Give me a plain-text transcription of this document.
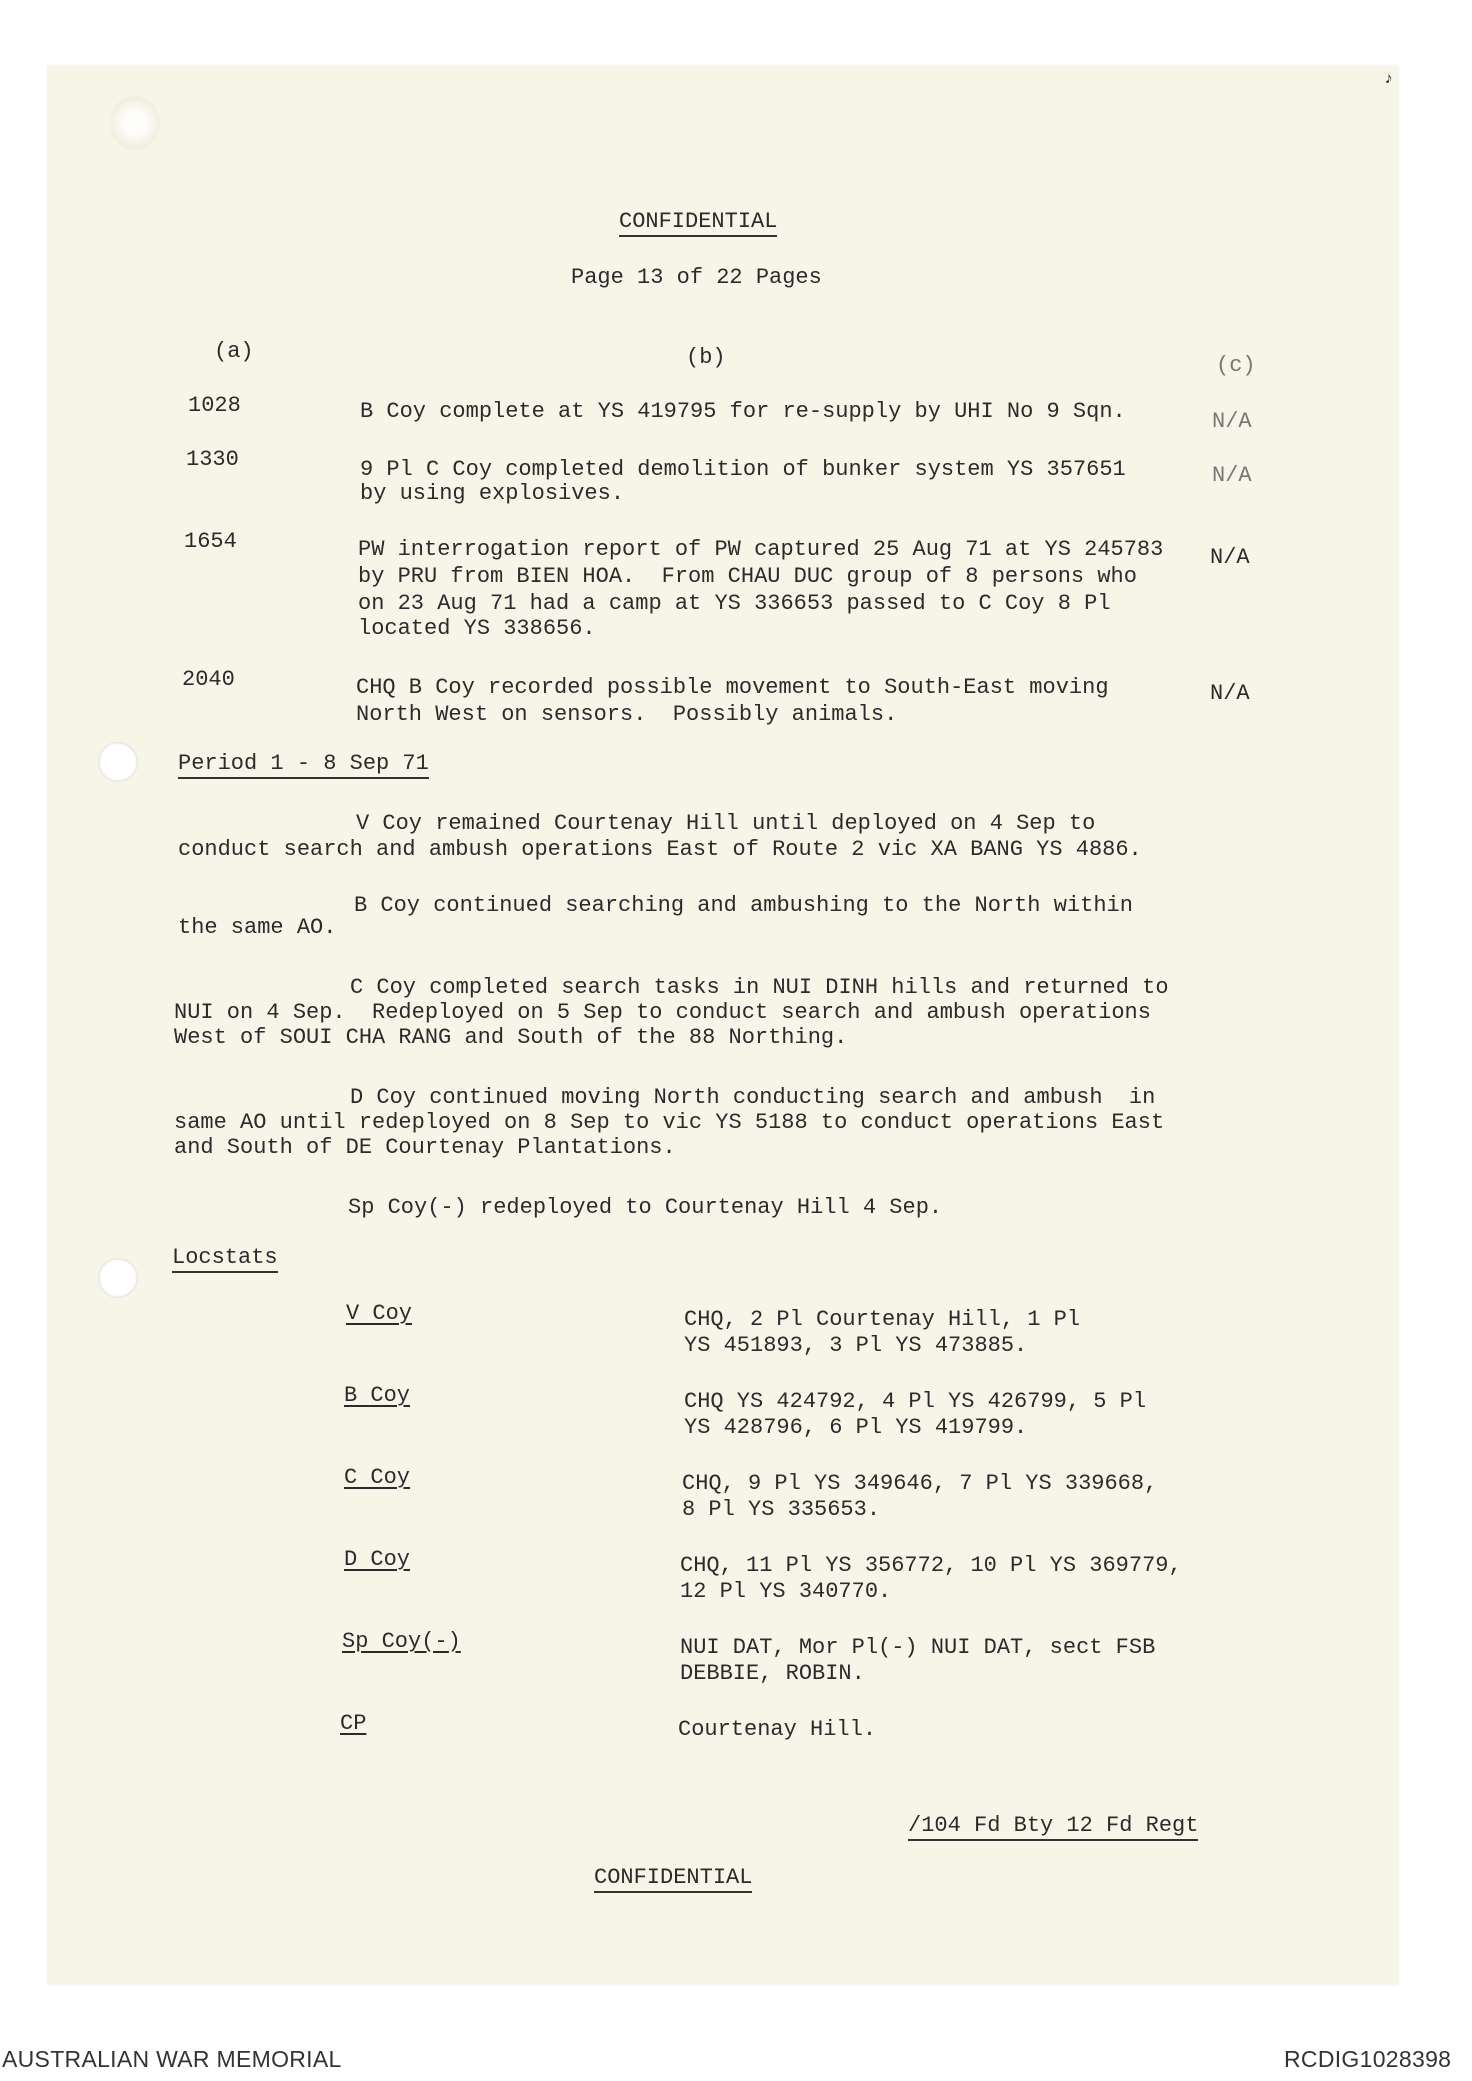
♪
CONFIDENTIAL
Page 13 of 22 Pages
(a)	(b)	(c)
1028	B Coy complete at YS 419795 for re-supply by UHI No 9 Sqn.	N/A
1330	9 Pl C Coy completed demolition of bunker system YS 357651
by using explosives.
N/A
1654	PW interrogation report of PW captured 25 Aug 71 at YS 245783
by PRU from BIEN HOA.  From CHAU DUC group of 8 persons who
on 23 Aug 71 had a camp at YS 336653 passed to C Coy 8 Pl
located YS 338656.
N/A
2040	CHQ B Coy recorded possible movement to South-East moving
North West on sensors.  Possibly animals.
N/A
Period 1 - 8 Sep 71
V Coy remained Courtenay Hill until deployed on 4 Sep to
conduct search and ambush operations East of Route 2 vic XA BANG YS 4886.
B Coy continued searching and ambushing to the North within
the same AO.
C Coy completed search tasks in NUI DINH hills and returned to
NUI on 4 Sep.  Redeployed on 5 Sep to conduct search and ambush operations
West of SOUI CHA RANG and South of the 88 Northing.
D Coy continued moving North conducting search and ambush  in
same AO until redeployed on 8 Sep to vic YS 5188 to conduct operations East
and South of DE Courtenay Plantations.
Sp Coy(-) redeployed to Courtenay Hill 4 Sep.
Locstats
V Coy	CHQ, 2 Pl Courtenay Hill, 1 Pl
YS 451893, 3 Pl YS 473885.
B Coy	CHQ YS 424792, 4 Pl YS 426799, 5 Pl
YS 428796, 6 Pl YS 419799.
C Coy	CHQ, 9 Pl YS 349646, 7 Pl YS 339668,
8 Pl YS 335653.
D Coy	CHQ, 11 Pl YS 356772, 10 Pl YS 369779,
12 Pl YS 340770.
Sp Coy(-)	NUI DAT, Mor Pl(-) NUI DAT, sect FSB
DEBBIE, ROBIN.
CP	Courtenay Hill.
/104 Fd Bty 12 Fd Regt
CONFIDENTIAL
AUSTRALIAN WAR MEMORIAL	RCDIG1028398
